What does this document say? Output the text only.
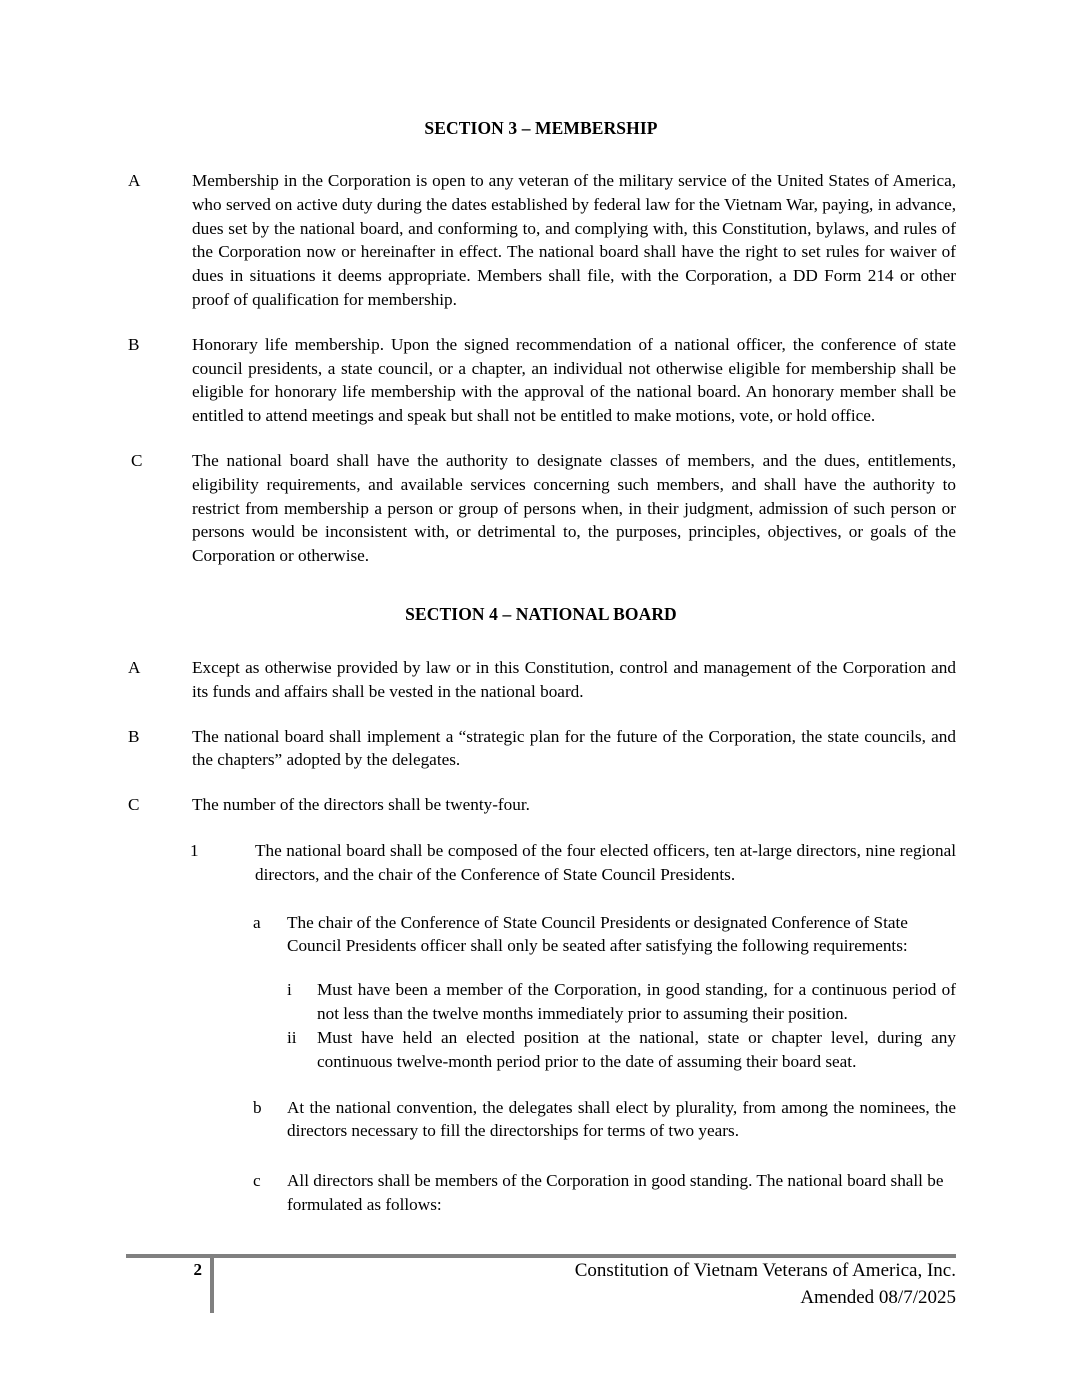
SECTION 3 – MEMBERSHIP
A	Membership in the Corporation is open to any veteran of the military service of the United States of America, who served on active duty during the dates established by federal law for the Vietnam War, paying, in advance, dues set by the national board, and conforming to, and complying with, this Constitution, bylaws, and rules of the Corporation now or hereinafter in effect. The national board shall have the right to set rules for waiver of dues in situations it deems appropriate. Members shall file, with the Corporation, a DD Form 214 or other proof of qualification for membership.
B	Honorary life membership. Upon the signed recommendation of a national officer, the conference of state council presidents, a state council, or a chapter, an individual not otherwise eligible for membership shall be eligible for honorary life membership with the approval of the national board. An honorary member shall be entitled to attend meetings and speak but shall not be entitled to make motions, vote, or hold office.
C	The national board shall have the authority to designate classes of members, and the dues, entitlements, eligibility requirements, and available services concerning such members, and shall have the authority to restrict from membership a person or group of persons when, in their judgment, admission of such person or persons would be inconsistent with, or detrimental to, the purposes, principles, objectives, or goals of the Corporation or otherwise.
SECTION 4 – NATIONAL BOARD
A	Except as otherwise provided by law or in this Constitution, control and management of the Corporation and its funds and affairs shall be vested in the national board.
B	The national board shall implement a “strategic plan for the future of the Corporation, the state councils, and the chapters” adopted by the delegates.
C	The number of the directors shall be twenty-four.
1	The national board shall be composed of the four elected officers, ten at-large directors, nine regional directors, and the chair of the Conference of State Council Presidents.
a	The chair of the Conference of State Council Presidents or designated Conference of State Council Presidents officer shall only be seated after satisfying the following requirements:
i	Must have been a member of the Corporation, in good standing, for a continuous period of not less than the twelve months immediately prior to assuming their position.
ii	Must have held an elected position at the national, state or chapter level, during any continuous twelve-month period prior to the date of assuming their board seat.
b	At the national convention, the delegates shall elect by plurality, from among the nominees, the directors necessary to fill the directorships for terms of two years.
c	All directors shall be members of the Corporation in good standing. The national board shall be formulated as follows:
2	Constitution of Vietnam Veterans of America, Inc.
Amended 08/7/2025
